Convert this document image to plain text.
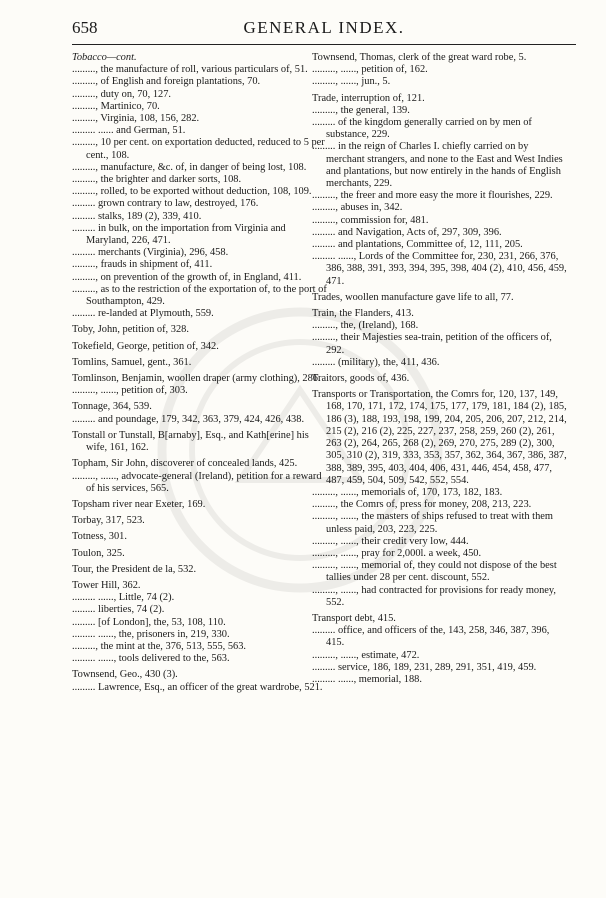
658	GENERAL INDEX.

Tobacco—cont.

........., the manufacture of roll, various particulars of, 51.

........., of English and foreign plantations, 70.

........., duty on, 70, 127.

........., Martinico, 70.

........., Virginia, 108, 156, 282.

......... ...... and German, 51.

........., 10 per cent. on exportation deducted, reduced to 5 per cent., 108.

........., manufacture, &c. of, in danger of being lost, 108.

........., the brighter and darker sorts, 108.

........., rolled, to be exported without deduction, 108, 109.

......... grown contrary to law, destroyed, 176.

......... stalks, 189 (2), 339, 410.

......... in bulk, on the importation from Virginia and Maryland, 226, 471.

......... merchants (Virginia), 296, 458.

........., frauds in shipment of, 411.

........., on prevention of the growth of, in England, 411.

........., as to the restriction of the exportation of, to the port of Southampton, 429.

......... re-landed at Plymouth, 559.

Toby, John, petition of, 328.

Tokefield, George, petition of, 342.

Tomlins, Samuel, gent., 361.

Tomlinson, Benjamin, woollen draper (army clothing), 286.

........., ......, petition of, 303.

Tonnage, 364, 539.

......... and poundage, 179, 342, 363, 379, 424, 426, 438.

Tonstall or Tunstall, B[arnaby], Esq., and Kath[erine] his wife, 161, 162.

Topham, Sir John, discoverer of concealed lands, 425.

........., ......, advocate-general (Ireland), petition for a reward of his services, 565.

Topsham river near Exeter, 169.

Torbay, 317, 523.

Totness, 301.

Toulon, 325.

Tour, the President de la, 532.

Tower Hill, 362.

......... ......, Little, 74 (2).

......... liberties, 74 (2).

......... [of London], the, 53, 108, 110.

......... ......, the, prisoners in, 219, 330.

........., the mint at the, 376, 513, 555, 563.

......... ......, tools delivered to the, 563.

Townsend, Geo., 430 (3).

......... Lawrence, Esq., an officer of the great wardrobe, 521.

Townsend, Thomas, clerk of the great ward robe, 5.

........., ......, petition of, 162.

........., ......, jun., 5.

Trade, interruption of, 121.

........., the general, 139.

......... of the kingdom generally carried on by men of substance, 229.

......... in the reign of Charles I. chiefly carried on by merchant strangers, and none to the East and West Indies and plantations, but now entirely in the hands of English merchants, 229.

........., the freer and more easy the more it flourishes, 229.

........., abuses in, 342.

........., commission for, 481.

......... and Navigation, Acts of, 297, 309, 396.

......... and plantations, Committee of, 12, 111, 205.

......... ......, Lords of the Committee for, 230, 231, 266, 376, 386, 388, 391, 393, 394, 395, 398, 404 (2), 410, 456, 459, 471.

Trades, woollen manufacture gave life to all, 77.

Train, the Flanders, 413.

........., the, (Ireland), 168.

........., their Majesties sea-train, petition of the officers of, 292.

......... (military), the, 411, 436.

Traitors, goods of, 436.

Transports or Transportation, the Comrs for, 120, 137, 149, 168, 170, 171, 172, 174, 175, 177, 179, 181, 184 (2), 185, 186 (3), 188, 193, 198, 199, 204, 205, 206, 207, 212, 214, 215 (2), 216 (2), 225, 227, 237, 258, 259, 260 (2), 261, 263 (2), 264, 265, 268 (2), 269, 270, 275, 289 (2), 300, 305, 310 (2), 319, 333, 353, 357, 362, 364, 367, 386, 387, 388, 389, 395, 403, 404, 406, 431, 446, 454, 458, 477, 487, 459, 504, 509, 542, 552, 554.

........., ......, memorials of, 170, 173, 182, 183.

........., the Comrs of, press for money, 208, 213, 223.

........., ......, the masters of ships refused to treat with them unless paid, 203, 223, 225.

........., ......, their credit very low, 444.

........., ......, pray for 2,000l. a week, 450.

........., ......, memorial of, they could not dispose of the best tallies under 28 per cent. discount, 552.

........., ......, had contracted for provisions for ready money, 552.

Transport debt, 415.

......... office, and officers of the, 143, 258, 346, 387, 396, 415.

........., ......, estimate, 472.

......... service, 186, 189, 231, 289, 291, 351, 419, 459.

......... ......, memorial, 188.
